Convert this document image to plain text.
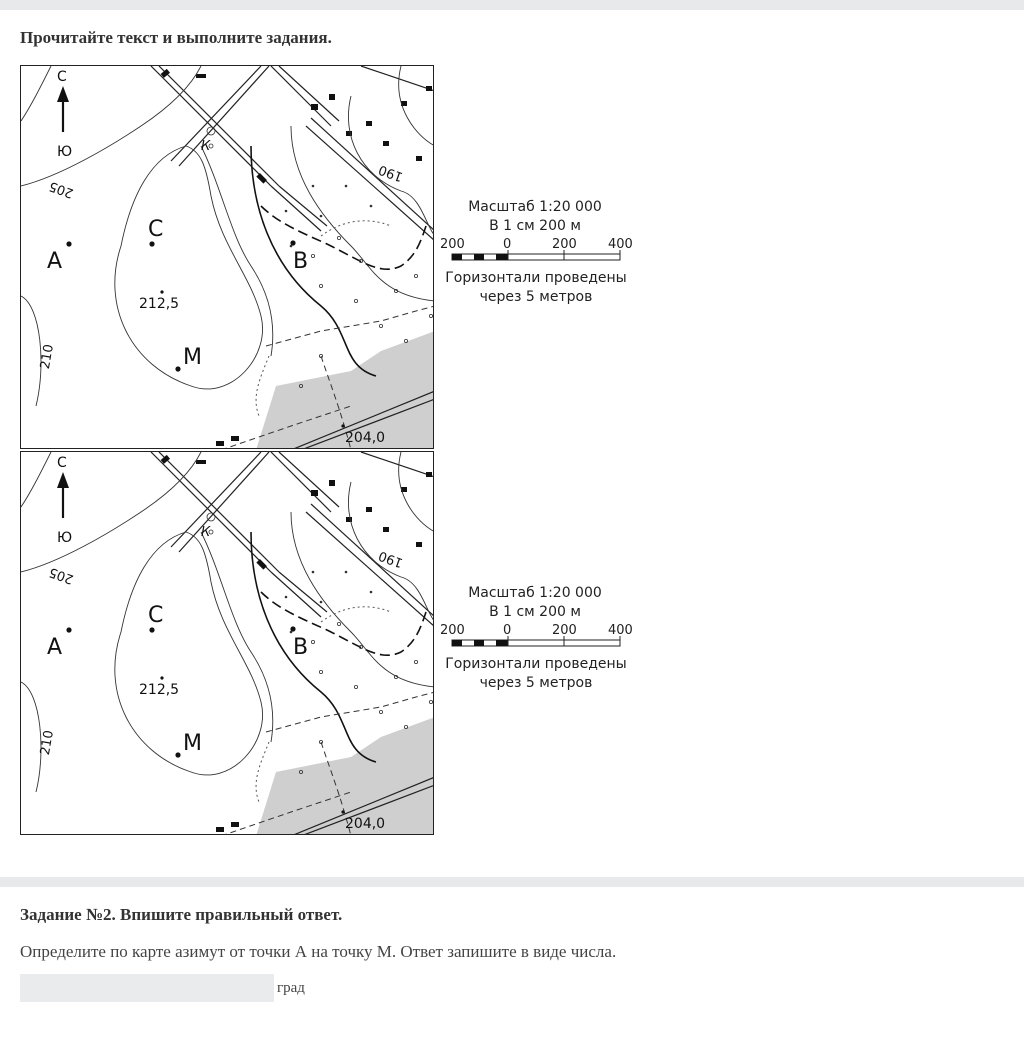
Прочитайте текст и выполните задания.
С
Ю
А
С
В
М
К
212,5
204,0
205
210
190
Масштаб 1:20 000
В 1 см 200 м
200	0	200 400
Горизонтали проведены
через 5 метров
С
Ю
А
С
В
М
К
212,5
204,0
205
210
190
Масштаб 1:20 000
В 1 см 200 м
200	0	200 400
Горизонтали проведены
через 5 метров
Задание №2. Впишите правильный ответ.
Определите по карте азимут от точки А на точку М. Ответ запишите в виде числа.
град
